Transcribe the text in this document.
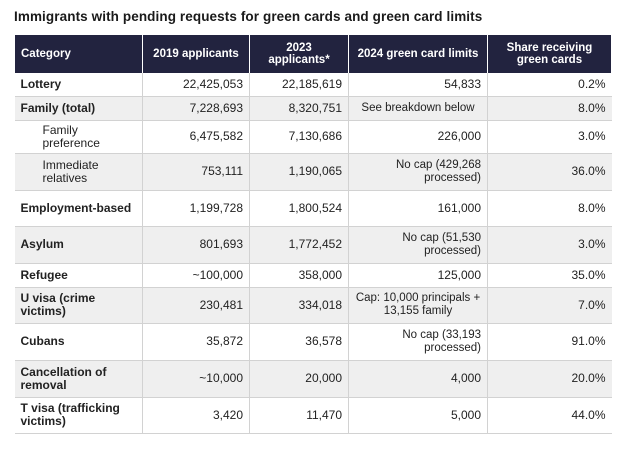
Immigrants with pending requests for green cards and green card limits
Category	2019 applicants	2023 applicants*	2024 green card limits	Share receiving green cards
Lottery	22,425,053	22,185,619	54,833	0.2%
Family (total)	7,228,693	8,320,751	See breakdown below	8.0%
Family preference	6,475,582	7,130,686	226,000	3.0%
Immediate relatives	753,111	1,190,065	No cap (429,268 processed)	36.0%
Employment-based	1,199,728	1,800,524	161,000	8.0%
Asylum	801,693	1,772,452	No cap (51,530 processed)	3.0%
Refugee	~100,000	358,000	125,000	35.0%
U visa (crime victims)	230,481	334,018	Cap: 10,000 principals + 13,155 family	7.0%
Cubans	35,872	36,578	No cap (33,193 processed)	91.0%
Cancellation of removal	~10,000	20,000	4,000	20.0%
T visa (trafficking victims)	3,420	11,470	5,000	44.0%
